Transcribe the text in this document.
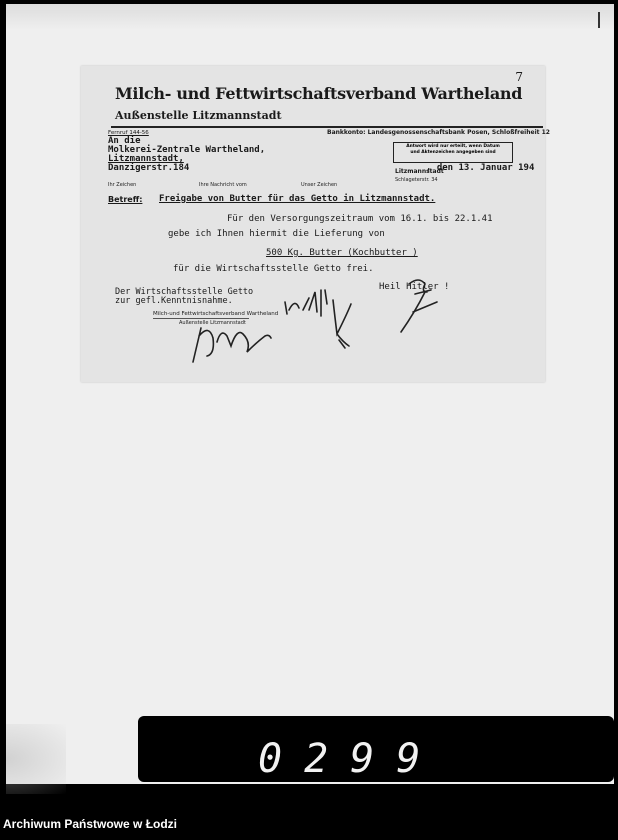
Milch- und Fettwirtschaftsverband Wartheland
Außenstelle Litzmannstadt
7
Bankkonto: Landesgenossenschaftsbank Posen, Schloßfreiheit 12
Antwort wird nur erteilt, wenn Datum
und Aktenzeichen angegeben sind
Fernruf 144-56
An die
Molkerei-Zentrale Wartheland,
Litzmannstadt,
Danzigerstr.184	Litzmannstadt
, den 13. Januar 194
Schlageterstr. 34
Ihr Zeichen	Ihre Nachricht vom	Unser Zeichen
Betreff: Freigabe von Butter für das Getto in Litzmannstadt.
Für den Versorgungszeitraum vom 16.1. bis 22.1.41
gebe ich Ihnen hiermit die Lieferung von
500 Kg. Butter (Kochbutter )
für die Wirtschaftsstelle Getto frei.
Der Wirtschaftsstelle Getto
zur gefl.Kenntnisnahme.
Heil Hitler !
Milch-und Fettwirtschaftsverband Wartheland
Außenstelle Litzmannstadt
0299
Archiwum Państwowe w Łodzi
